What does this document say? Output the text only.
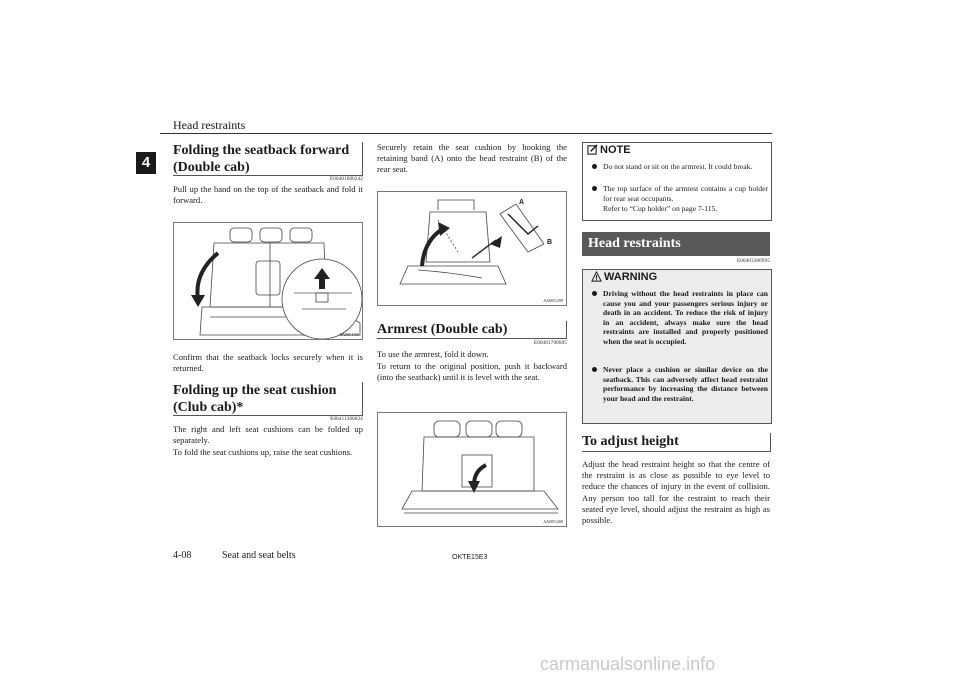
Head restraints
4
Folding the seatback forward (Double cab)
E00401600242
Pull up the band on the top of the seatback and fold it forward.
AA0051196
Confirm that the seatback locks securely when it is returned.
Folding up the seat cushion (Club cab)*
E00411300024
The right and left seat cushions can be folded up separately.
To fold the seat cushions up, raise the seat cushions.
Securely retain the seat cushion by hooking the retaining band (A) onto the head restraint (B) of the rear seat.
A
B
AA0051299
Armrest (Double cab)
E00401700605
To use the armrest, fold it down.
To return to the original position, push it backward (into the seatback) until it is level with the seat.
AA0051200
NOTE
Do not stand or sit on the armrest. It could break.
The top surface of the armrest contains a cup holder for rear seat occupants.
Refer to “Cup holder” on page 7-115.
Head restraints
E00403300995
WARNING
Driving without the head restraints in place can cause you and your passengers serious injury or death in an accident. To reduce the risk of injury in an accident, always make sure the head restraints are installed and properly positioned when the seat is occupied.
Never place a cushion or similar device on the seatback. This can adversely affect head restraint performance by increasing the distance between your head and the restraint.
To adjust height
Adjust the head restraint height so that the centre of the restraint is as close as possible to eye level to reduce the chances of injury in the event of collision. Any person too tall for the restraint to reach their seated eye level, should adjust the restraint as high as possible.
4-08	Seat and seat belts	OKTE15E3
carmanualsonline.info
